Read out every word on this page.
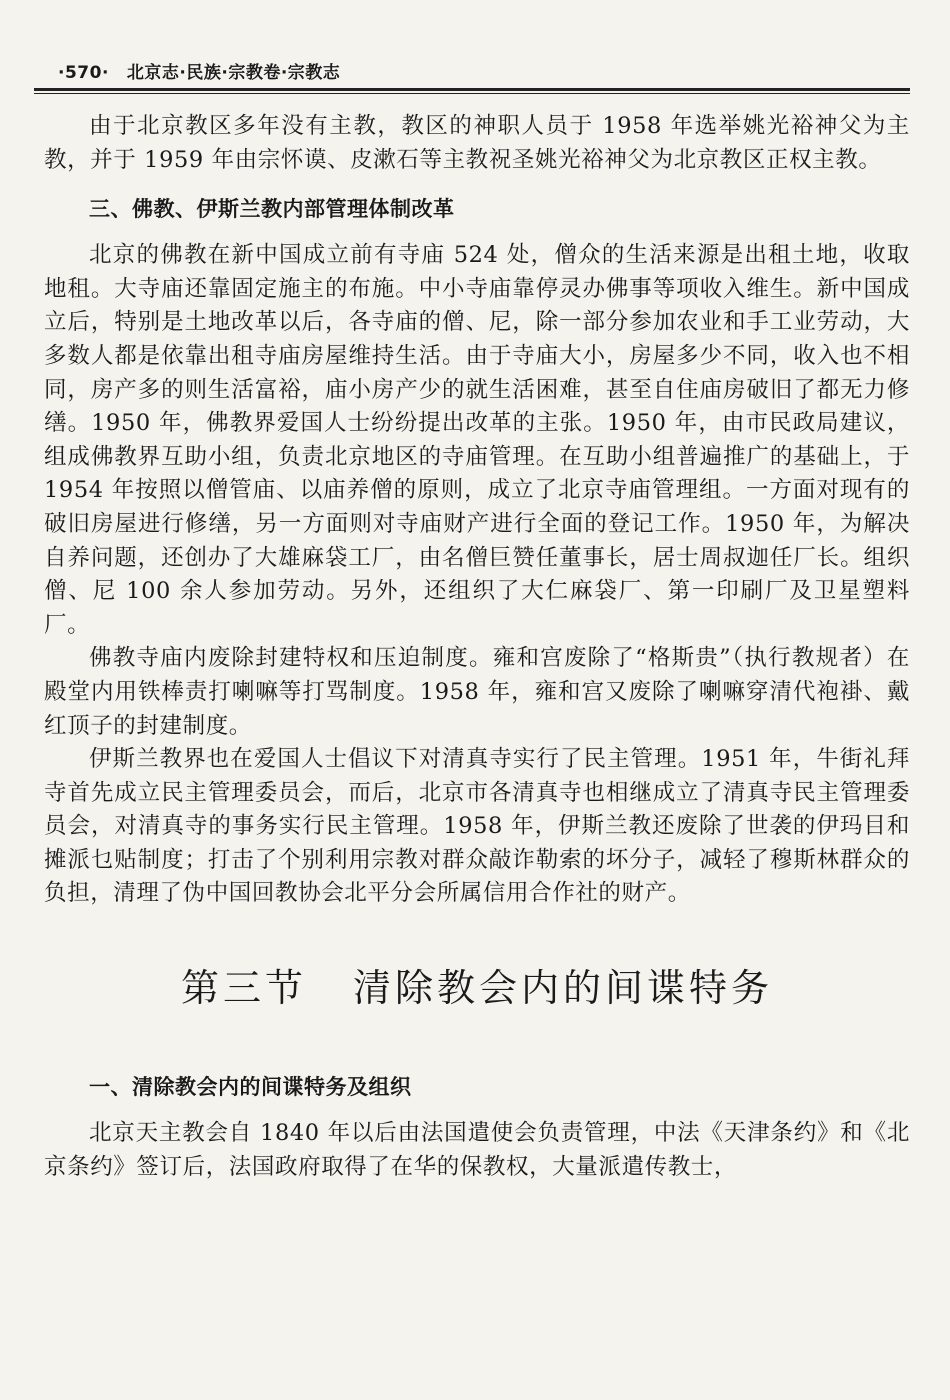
·570· 北京志·民族·宗教卷·宗教志

由于北京教区多年没有主教，教区的神职人员于 1958 年选举姚光裕神父为主教，并于 1959 年由宗怀谟、皮漱石等主教祝圣姚光裕神父为北京教区正权主教。

三、佛教、伊斯兰教内部管理体制改革

北京的佛教在新中国成立前有寺庙 524 处，僧众的生活来源是出租土地，收取地租。大寺庙还靠固定施主的布施。中小寺庙靠停灵办佛事等项收入维生。新中国成立后，特别是土地改革以后，各寺庙的僧、尼，除一部分参加农业和手工业劳动，大多数人都是依靠出租寺庙房屋维持生活。由于寺庙大小，房屋多少不同，收入也不相同，房产多的则生活富裕，庙小房产少的就生活困难，甚至自住庙房破旧了都无力修缮。1950 年，佛教界爱国人士纷纷提出改革的主张。1950 年，由市民政局建议，组成佛教界互助小组，负责北京地区的寺庙管理。在互助小组普遍推广的基础上，于 1954 年按照以僧管庙、以庙养僧的原则，成立了北京寺庙管理组。一方面对现有的破旧房屋进行修缮，另一方面则对寺庙财产进行全面的登记工作。1950 年，为解决自养问题，还创办了大雄麻袋工厂，由名僧巨赞任董事长，居士周叔迦任厂长。组织僧、尼 100 余人参加劳动。另外，还组织了大仁麻袋厂、第一印刷厂及卫星塑料厂。

佛教寺庙内废除封建特权和压迫制度。雍和宫废除了“格斯贵”（执行教规者）在殿堂内用铁棒责打喇嘛等打骂制度。1958 年，雍和宫又废除了喇嘛穿清代袍褂、戴红顶子的封建制度。

伊斯兰教界也在爱国人士倡议下对清真寺实行了民主管理。1951 年，牛街礼拜寺首先成立民主管理委员会，而后，北京市各清真寺也相继成立了清真寺民主管理委员会，对清真寺的事务实行民主管理。1958 年，伊斯兰教还废除了世袭的伊玛目和摊派乜贴制度；打击了个别利用宗教对群众敲诈勒索的坏分子，减轻了穆斯林群众的负担，清理了伪中国回教协会北平分会所属信用合作社的财产。

第三节 清除教会内的间谍特务
一、清除教会内的间谍特务及组织

北京天主教会自 1840 年以后由法国遣使会负责管理，中法《天津条约》和《北京条约》签订后，法国政府取得了在华的保教权，大量派遣传教士，
